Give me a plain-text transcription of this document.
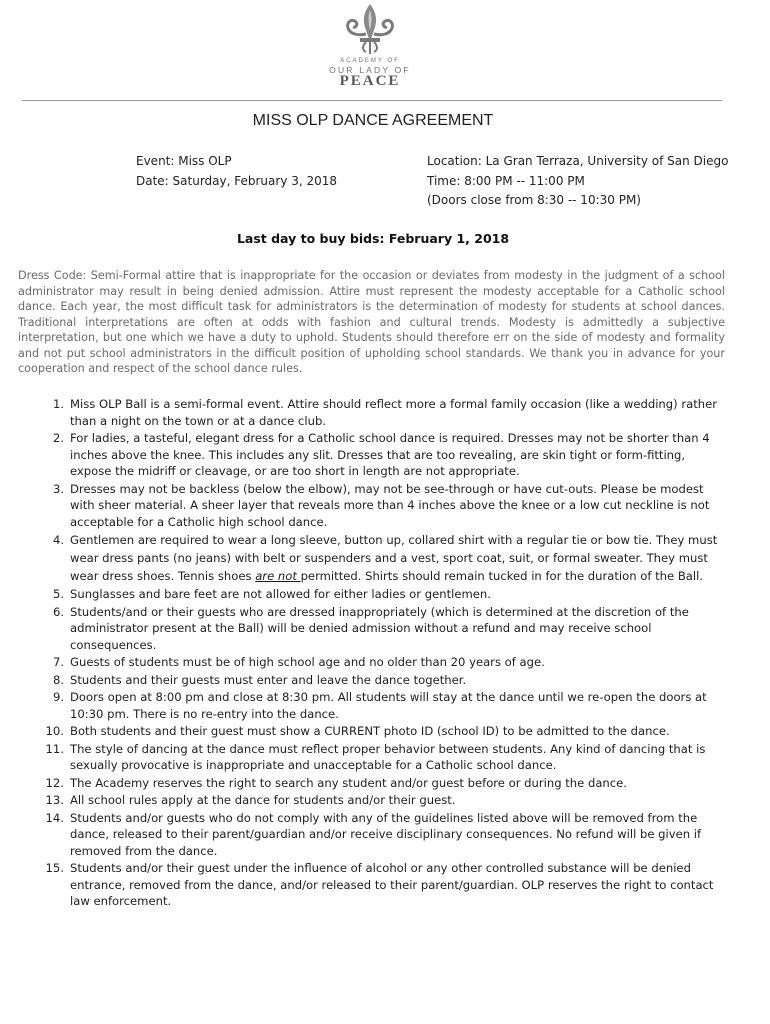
ACADEMY OF
OUR LADY OF
PEACE
MISS OLP DANCE AGREEMENT
Event: Miss OLP
Date: Saturday, February 3, 2018
Location: La Gran Terraza, University of San Diego
Time: 8:00 PM -- 11:00 PM
(Doors close from 8:30 -- 10:30 PM)
Last day to buy bids: February 1, 2018

Dress Code: Semi-Formal attire that is inappropriate for the occasion or deviates from modesty in the judgment of a school administrator may result in being denied admission. Attire must represent the modesty acceptable for a Catholic school dance. Each year, the most difficult task for administrators is the determination of modesty for students at school dances. Traditional interpretations are often at odds with fashion and cultural trends. Modesty is admittedly a subjective interpretation, but one which we have a duty to uphold. Students should therefore err on the side of modesty and formality and not put school administrators in the difficult position of upholding school standards. We thank you in advance for your cooperation and respect of the school dance rules.

1. Miss OLP Ball is a semi-formal event. Attire should reflect more a formal family occasion (like a wedding) rather than a night on the town or at a dance club.
2. For ladies, a tasteful, elegant dress for a Catholic school dance is required. Dresses may not be shorter than 4 inches above the knee. This includes any slit. Dresses that are too revealing, are skin tight or form-fitting, expose the midriff or cleavage, or are too short in length are not appropriate.
3. Dresses may not be backless (below the elbow), may not be see-through or have cut-outs. Please be modest with sheer material. A sheer layer that reveals more than 4 inches above the knee or a low cut neckline is not acceptable for a Catholic high school dance.
4. Gentlemen are required to wear a long sleeve, button up, collared shirt with a regular tie or bow tie. They must wear dress pants (no jeans) with belt or suspenders and a vest, sport coat, suit, or formal sweater. They must wear dress shoes. Tennis shoes are not permitted. Shirts should remain tucked in for the duration of the Ball.
5. Sunglasses and bare feet are not allowed for either ladies or gentlemen.
6. Students/and or their guests who are dressed inappropriately (which is determined at the discretion of the administrator present at the Ball) will be denied admission without a refund and may receive school consequences.
7. Guests of students must be of high school age and no older than 20 years of age.
8. Students and their guests must enter and leave the dance together.
9. Doors open at 8:00 pm and close at 8:30 pm. All students will stay at the dance until we re-open the doors at 10:30 pm. There is no re-entry into the dance.
10. Both students and their guest must show a CURRENT photo ID (school ID) to be admitted to the dance.
11. The style of dancing at the dance must reflect proper behavior between students. Any kind of dancing that is sexually provocative is inappropriate and unacceptable for a Catholic school dance.
12. The Academy reserves the right to search any student and/or guest before or during the dance.
13. All school rules apply at the dance for students and/or their guest.
14. Students and/or guests who do not comply with any of the guidelines listed above will be removed from the dance, released to their parent/guardian and/or receive disciplinary consequences. No refund will be given if removed from the dance.
15. Students and/or their guest under the influence of alcohol or any other controlled substance will be denied entrance, removed from the dance, and/or released to their parent/guardian. OLP reserves the right to contact law enforcement.
